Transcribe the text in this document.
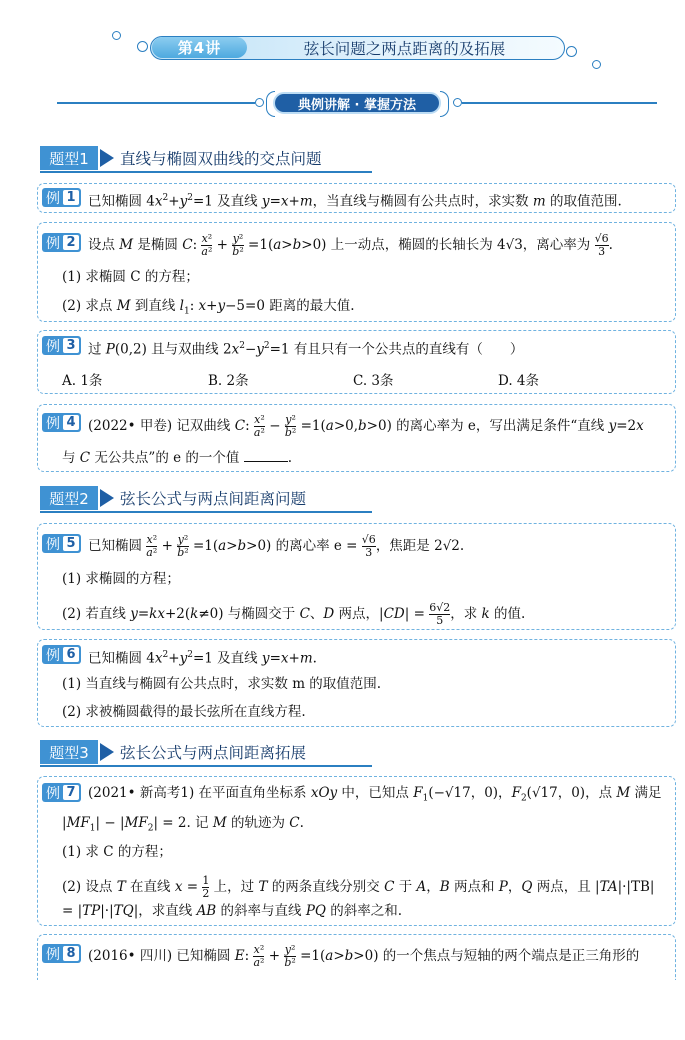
第4讲	弦长问题之两点距离的及拓展
典例讲解 · 掌握方法
题型1	直线与椭圆双曲线的交点问题
例 1 已知椭圆 $4x^2+y^2=1$ 及直线 y=x+m，当直线与椭圆有公共点时，求实数 m 的取值范围.
例 2 设点 M 是椭圆 C: x²

a² + y²

b² =1(a>b>0) 上一动点，椭圆的长轴长为 4√3，离心率为 √6

3 .
(1) 求椭圆 C 的方程；
(2) 求点 M 到直线 $l_1$: x+y−5=0 距离的最大值.
例 3 过 P(0,2) 且与双曲线 $2x^2-y^2=1$ 有且只有一个公共点的直线有（　　）
A. 1条	B. 2条	C. 3条	D. 4条
例 4 (2022• 甲卷) 记双曲线 C: x²

a² − y²

b² =1(a>0,b>0) 的离心率为 e，写出满足条件“直线 y=2x
与 C 无公共点”的 e 的一个值	.
题型2	弦长公式与两点间距离问题
例 5 已知椭圆 x²

a² + y²

b² =1(a>b>0) 的离心率 e = √6

3 ，焦距是 2√2.
(1) 求椭圆的方程；
(2) 若直线 y=kx+2(k≠0) 与椭圆交于 C、D 两点，|CD| = 6√2

5 ，求 k 的值.
例 6 已知椭圆 $4x^2+y^2=1$ 及直线 y=x+m.
(1) 当直线与椭圆有公共点时，求实数 m 的取值范围.
(2) 求被椭圆截得的最长弦所在直线方程.
题型3	弦长公式与两点间距离拓展
例 7 (2021• 新高考1) 在平面直角坐标系 xOy 中，已知点 $F_1(-√17$，0)，$F_2(√17$，0)，点 M 满足
$|MF_1| - |MF_2| = 2$. 记 M 的轨迹为 C.
(1) 求 C 的方程；
(2) 设点 T 在直线 x = 1

2 上，过 T 的两条直线分别交 C 于 A，B 两点和 P，Q 两点，且 |TA|·|TB|
= |TP|·|TQ|，求直线 AB 的斜率与直线 PQ 的斜率之和.
例 8 (2016• 四川) 已知椭圆 E: x²

a² + y²

b² =1(a>b>0) 的一个焦点与短轴的两个端点是正三角形的
